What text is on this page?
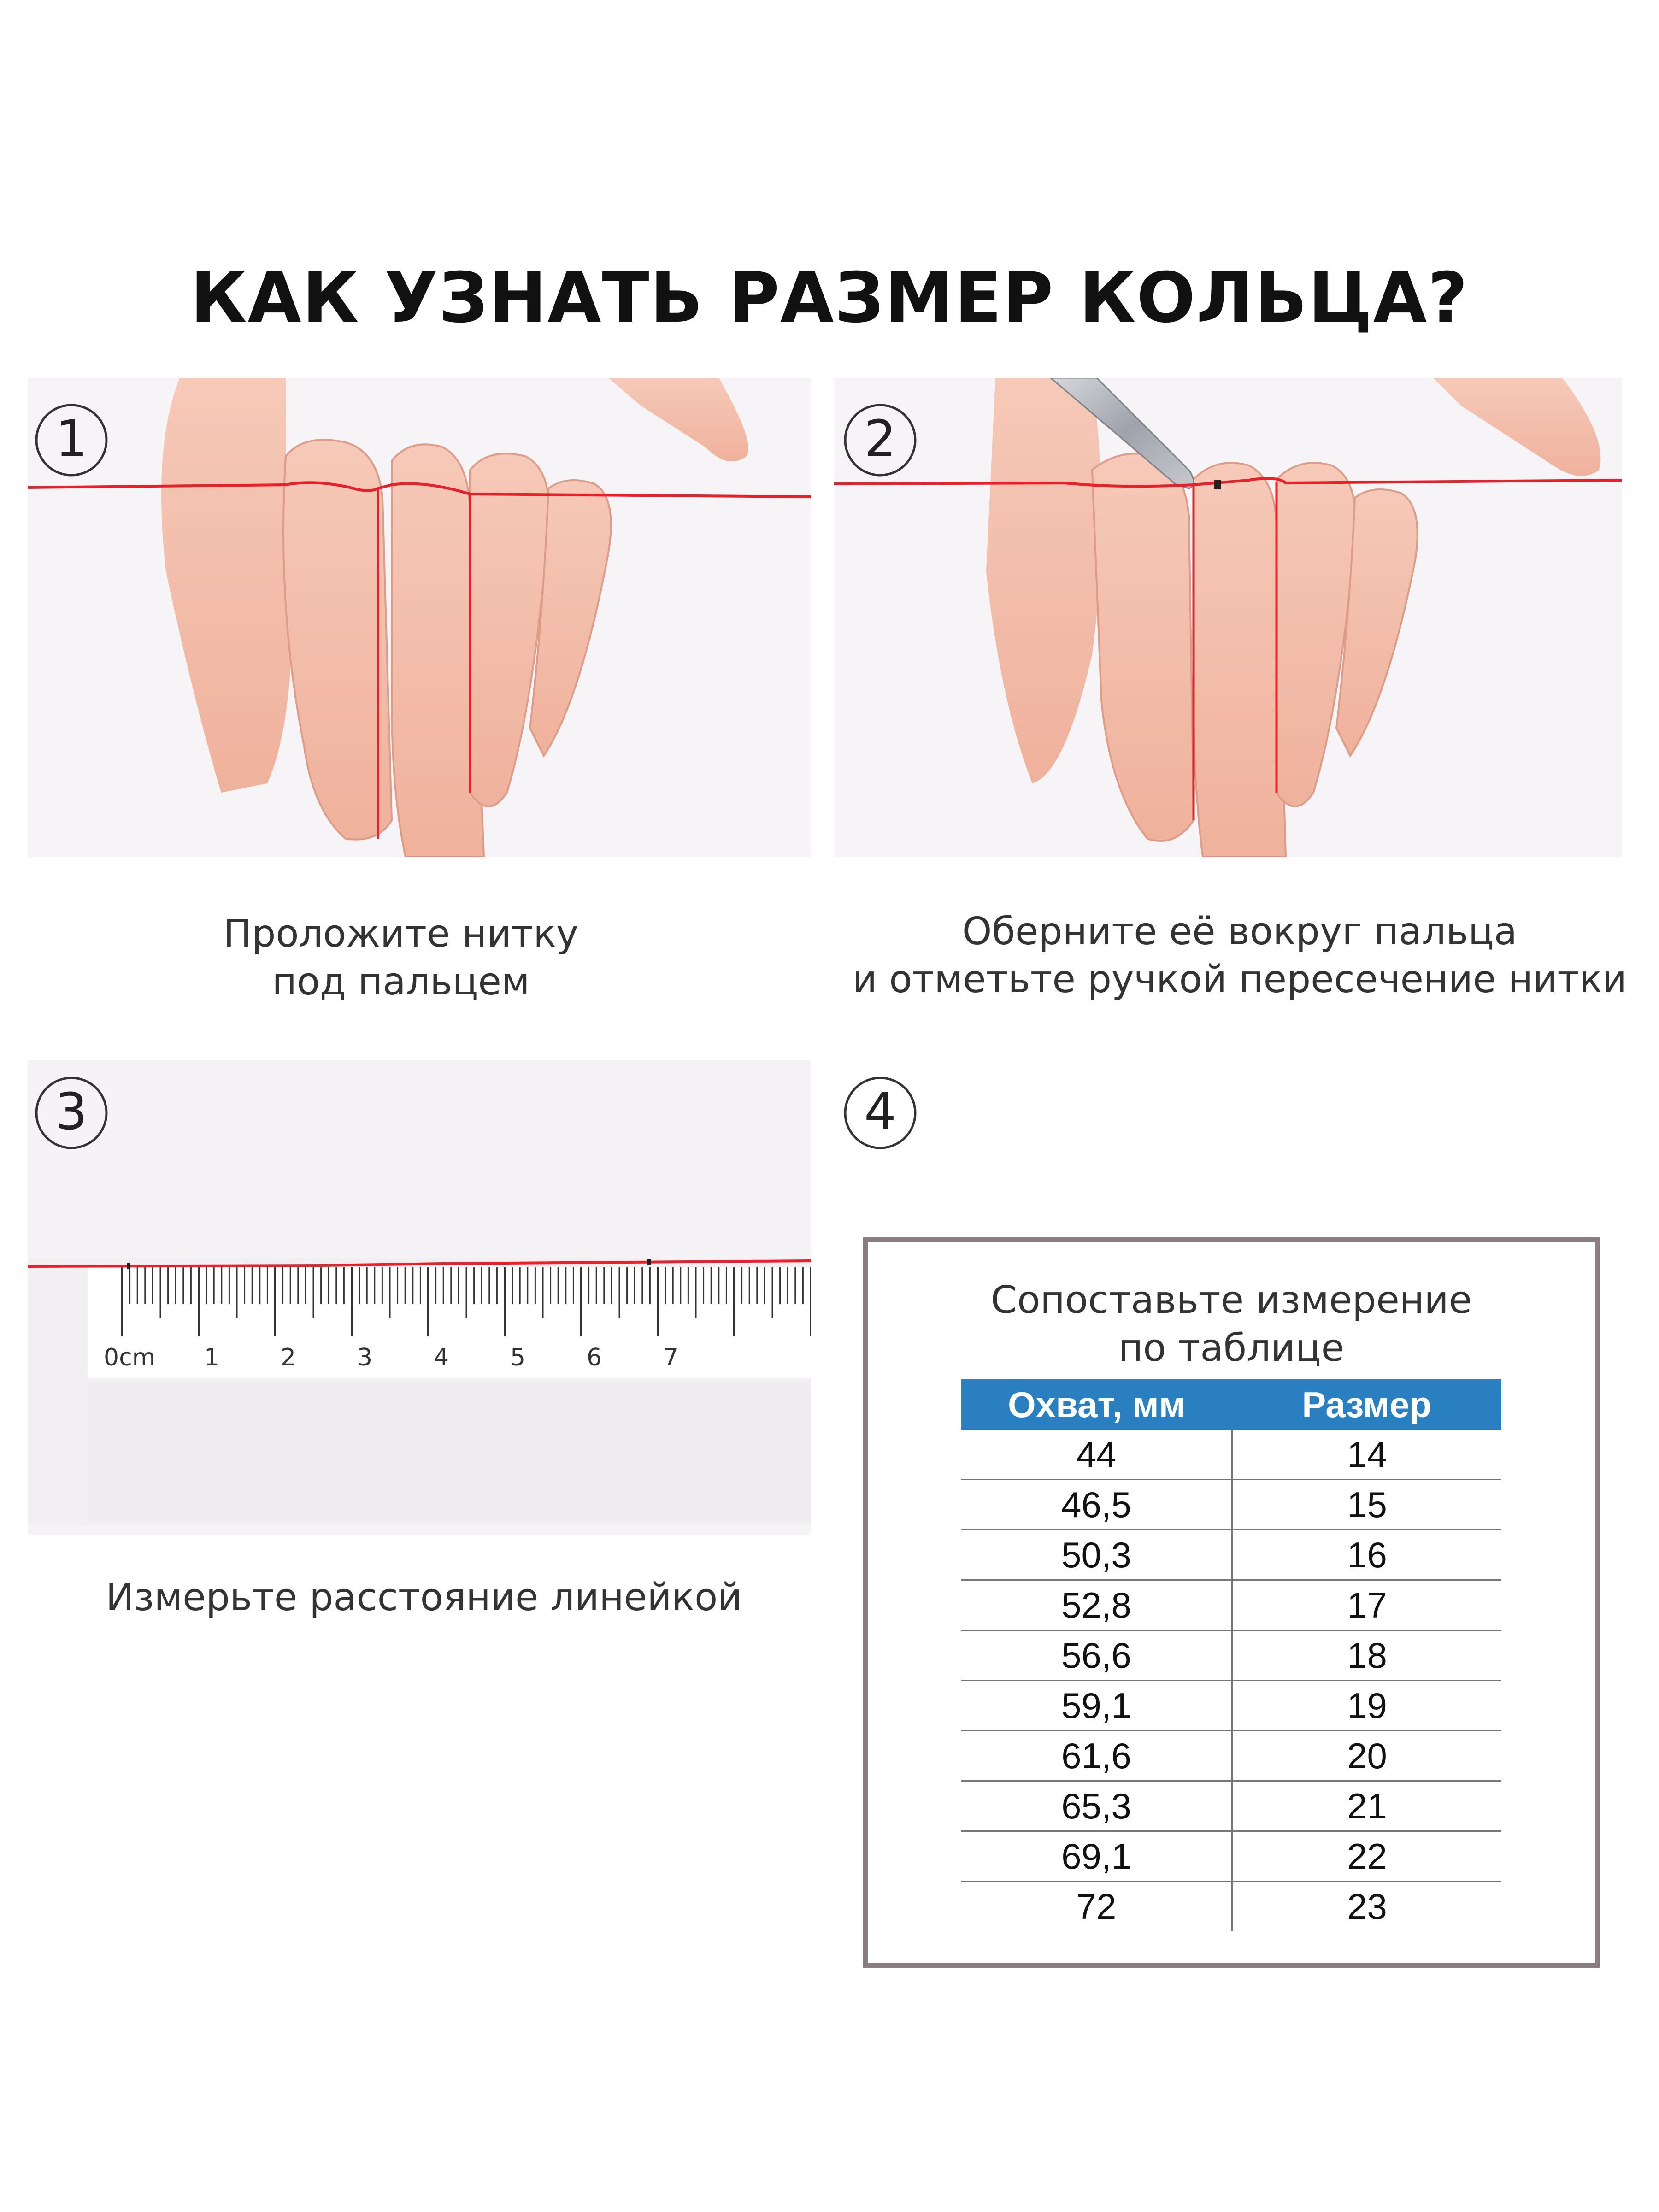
КАК УЗНАТЬ РАЗМЕР КОЛЬЦА?
1	2
Проложите нитку
под пальцем
Оберните её вокруг пальца
и отметьте ручкой пересечение нитки
0cm 1	2	3	4	5	6	7
3	4
Измерьте расстояние линейкой
Сопоставьте измерение
по таблице
Охват, мм	Размер
44	14
46,5	15
50,3	16
52,8	17
56,6	18
59,1	19
61,6	20
65,3	21
69,1	22
72	23
